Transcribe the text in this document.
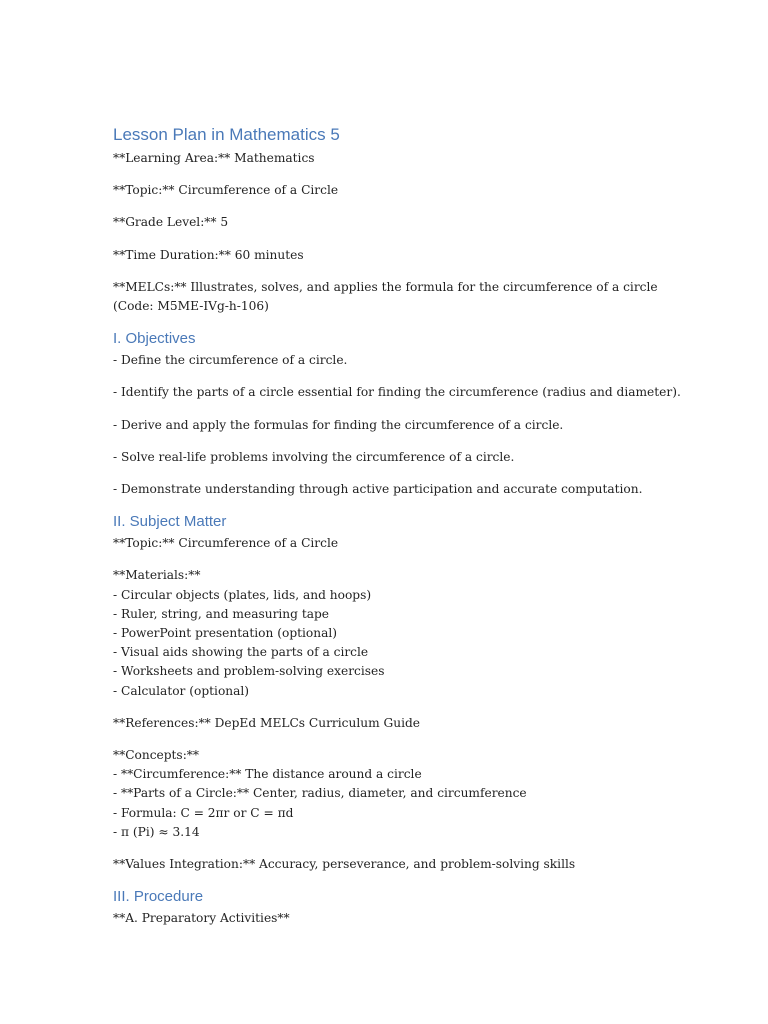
Lesson Plan in Mathematics 5

**Learning Area:** Mathematics

**Topic:** Circumference of a Circle

**Grade Level:** 5

**Time Duration:** 60 minutes

**MELCs:** Illustrates, solves, and applies the formula for the circumference of a circle
(Code: M5ME-IVg-h-106)

I. Objectives

- Define the circumference of a circle.

- Identify the parts of a circle essential for finding the circumference (radius and diameter).

- Derive and apply the formulas for finding the circumference of a circle.

- Solve real-life problems involving the circumference of a circle.

- Demonstrate understanding through active participation and accurate computation.

II. Subject Matter

**Topic:** Circumference of a Circle

**Materials:**
- Circular objects (plates, lids, and hoops)
- Ruler, string, and measuring tape
- PowerPoint presentation (optional)
- Visual aids showing the parts of a circle
- Worksheets and problem-solving exercises
- Calculator (optional)

**References:** DepEd MELCs Curriculum Guide

**Concepts:**
- **Circumference:** The distance around a circle
- **Parts of a Circle:** Center, radius, diameter, and circumference
- Formula: C = 2πr or C = πd
- π (Pi) ≈ 3.14

**Values Integration:** Accuracy, perseverance, and problem-solving skills

III. Procedure

**A. Preparatory Activities**
